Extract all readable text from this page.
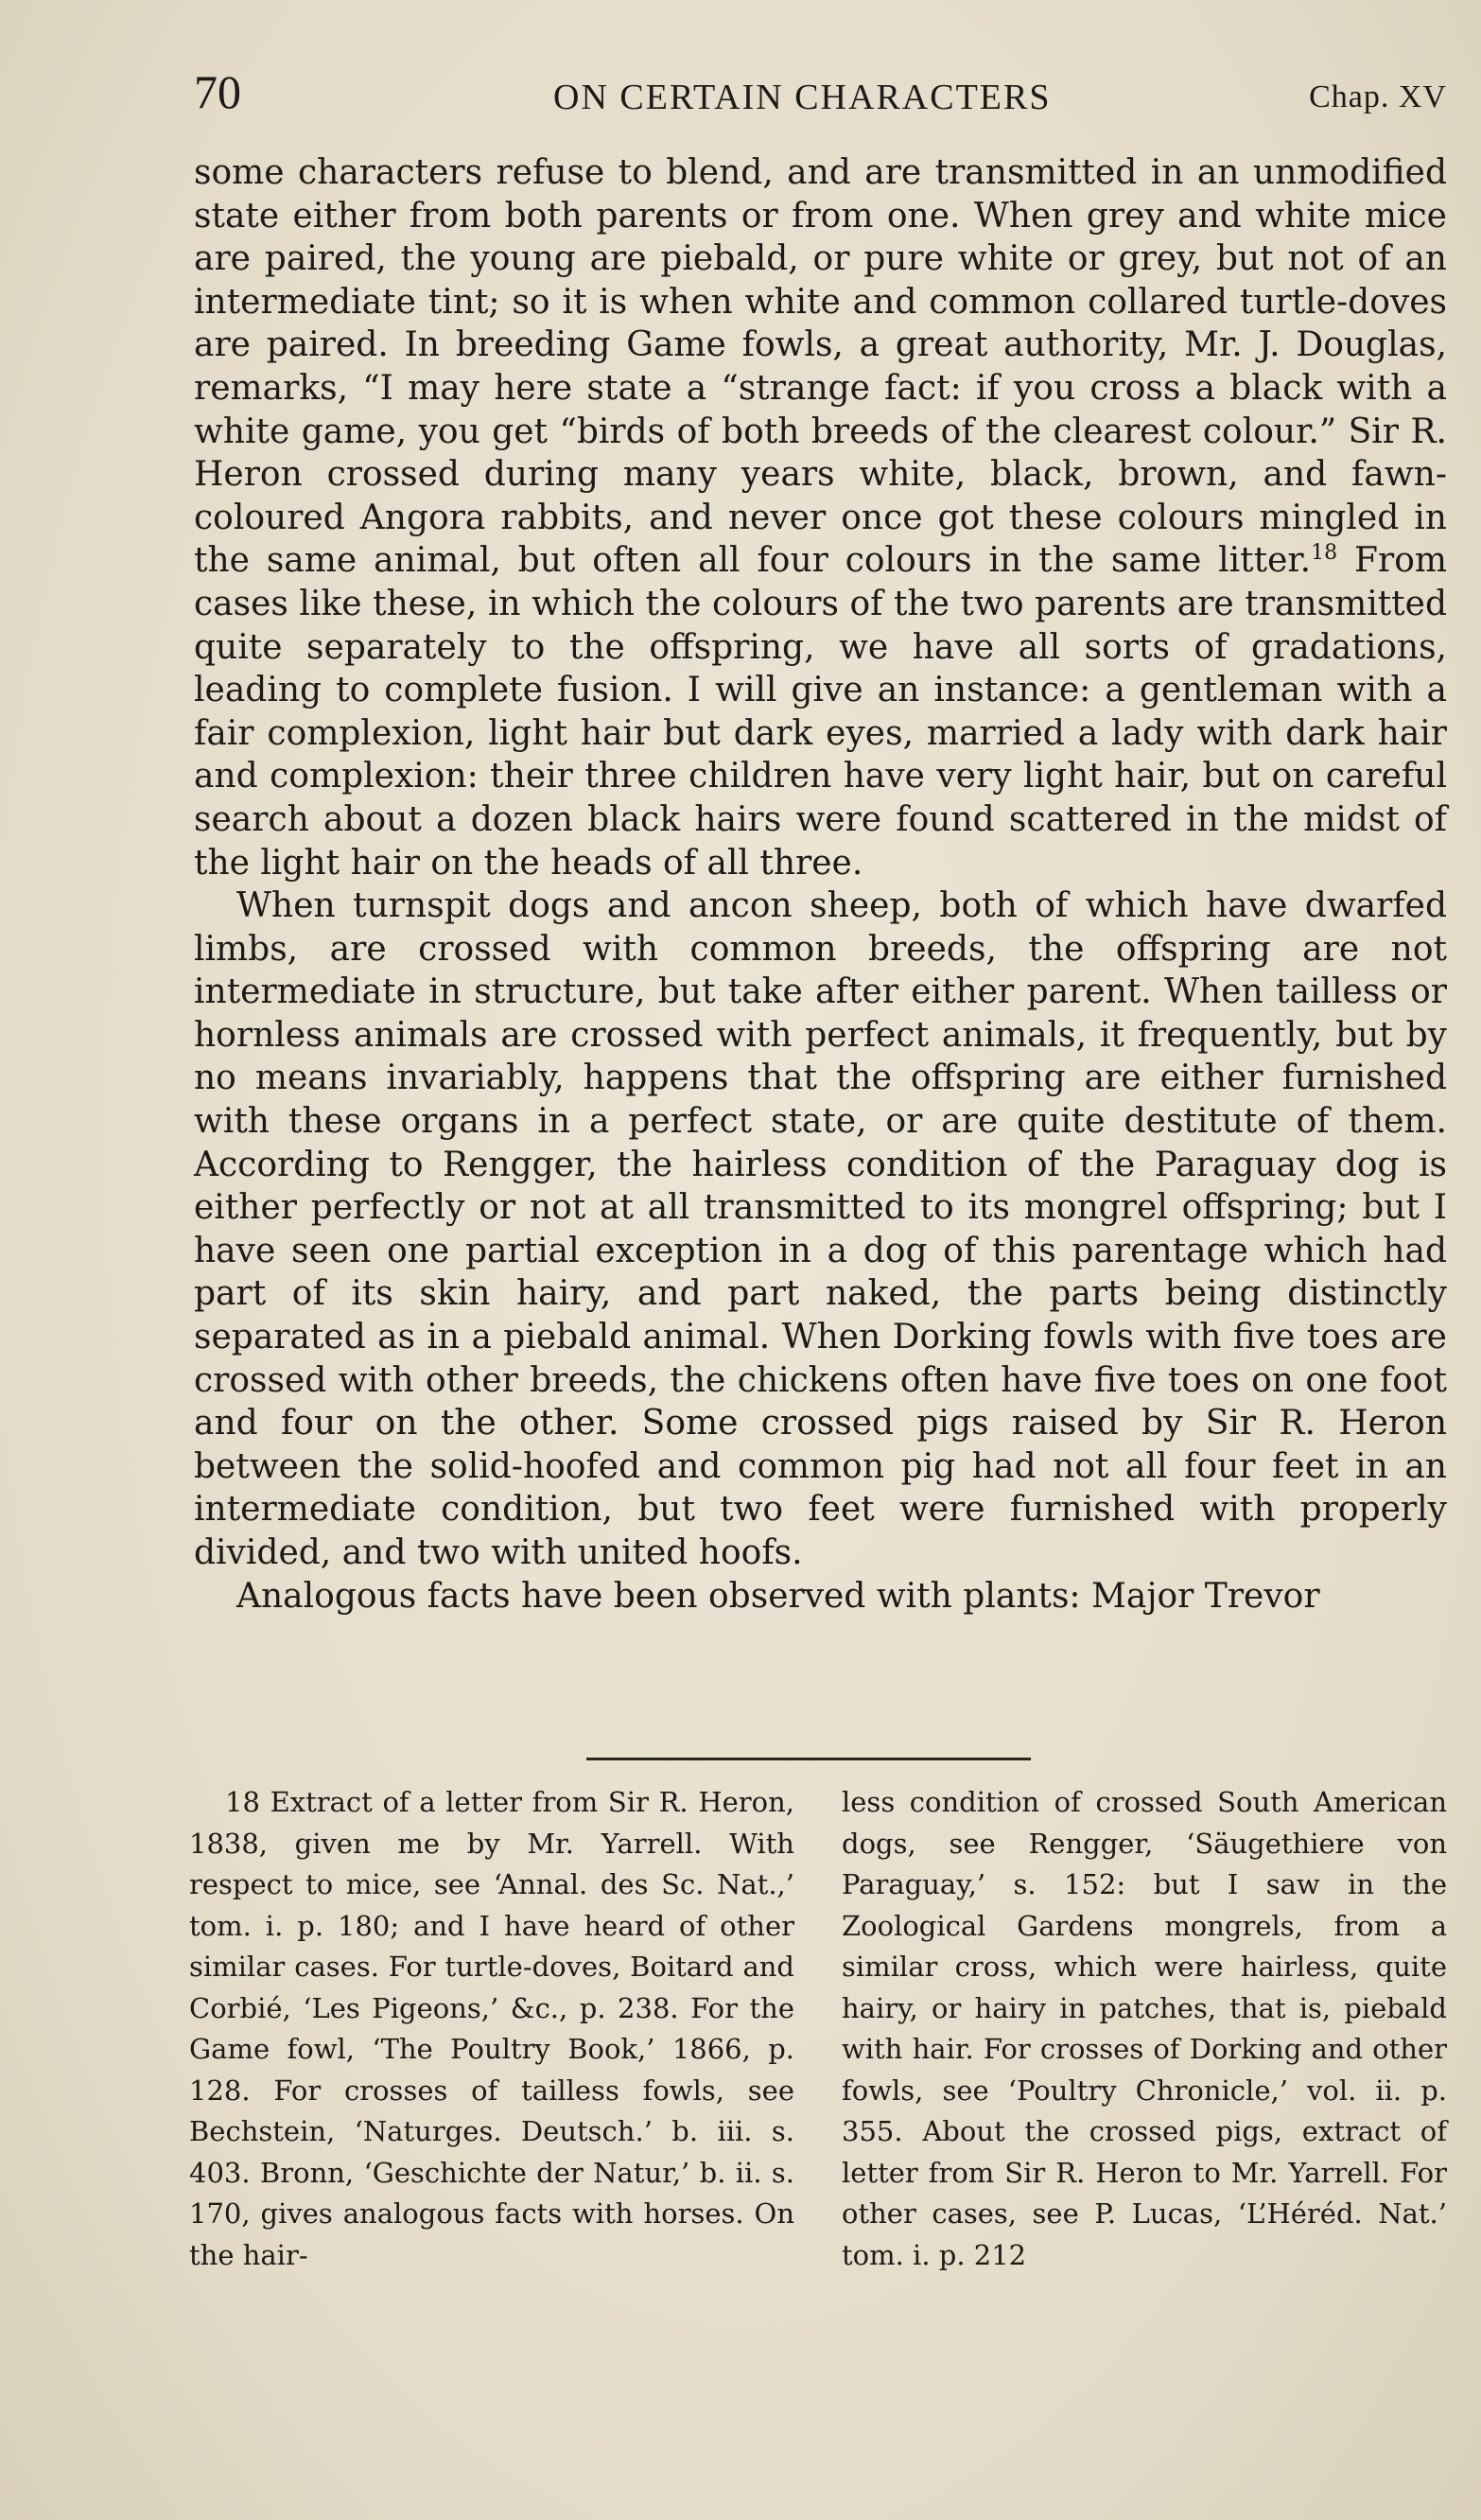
70	ON CERTAIN CHARACTERS	Chap. XV

some characters refuse to blend, and are transmitted in an unmodified state either from both parents or from one. When grey and white mice are paired, the young are piebald, or pure white or grey, but not of an intermediate tint; so it is when white and common collared turtle-doves are paired. In breeding Game fowls, a great authority, Mr. J. Douglas, remarks, “I may here state a “strange fact: if you cross a black with a white game, you get “birds of both breeds of the clearest colour.” Sir R. Heron crossed during many years white, black, brown, and fawn-coloured Angora rabbits, and never once got these colours mingled in the same animal, but often all four colours in the same litter.$^{18}$ From cases like these, in which the colours of the two parents are transmitted quite separately to the offspring, we have all sorts of gradations, leading to complete fusion. I will give an instance: a gentleman with a fair complexion, light hair but dark eyes, married a lady with dark hair and complexion: their three children have very light hair, but on careful search about a dozen black hairs were found scattered in the midst of the light hair on the heads of all three.

When turnspit dogs and ancon sheep, both of which have dwarfed limbs, are crossed with common breeds, the offspring are not intermediate in structure, but take after either parent. When tailless or hornless animals are crossed with perfect animals, it frequently, but by no means invariably, happens that the offspring are either furnished with these organs in a perfect state, or are quite destitute of them. According to Rengger, the hairless condition of the Paraguay dog is either perfectly or not at all transmitted to its mongrel offspring; but I have seen one partial exception in a dog of this parentage which had part of its skin hairy, and part naked, the parts being distinctly separated as in a piebald animal. When Dorking fowls with five toes are crossed with other breeds, the chickens often have five toes on one foot and four on the other. Some crossed pigs raised by Sir R. Heron between the solid-hoofed and common pig had not all four feet in an intermediate condition, but two feet were furnished with properly divided, and two with united hoofs.

Analogous facts have been observed with plants: Major Trevor

18 Extract of a letter from Sir R. Heron, 1838, given me by Mr. Yarrell. With respect to mice, see ‘Annal. des Sc. Nat.,’ tom. i. p. 180; and I have heard of other similar cases. For turtle-doves, Boitard and Corbié, ‘Les Pigeons,’ &c., p. 238. For the Game fowl, ‘The Poultry Book,’ 1866, p. 128. For crosses of tailless fowls, see Bechstein, ‘Naturges. Deutsch.’ b. iii. s. 403. Bronn, ‘Geschichte der Natur,’ b. ii. s. 170, gives analogous facts with horses. On the hair-

less condition of crossed South American dogs, see Rengger, ‘Säugethiere von Paraguay,’ s. 152: but I saw in the Zoological Gardens mongrels, from a similar cross, which were hairless, quite hairy, or hairy in patches, that is, piebald with hair. For crosses of Dorking and other fowls, see ‘Poultry Chronicle,’ vol. ii. p. 355. About the crossed pigs, extract of letter from Sir R. Heron to Mr. Yarrell. For other cases, see P. Lucas, ‘L’Héréd. Nat.’ tom. i. p. 212
